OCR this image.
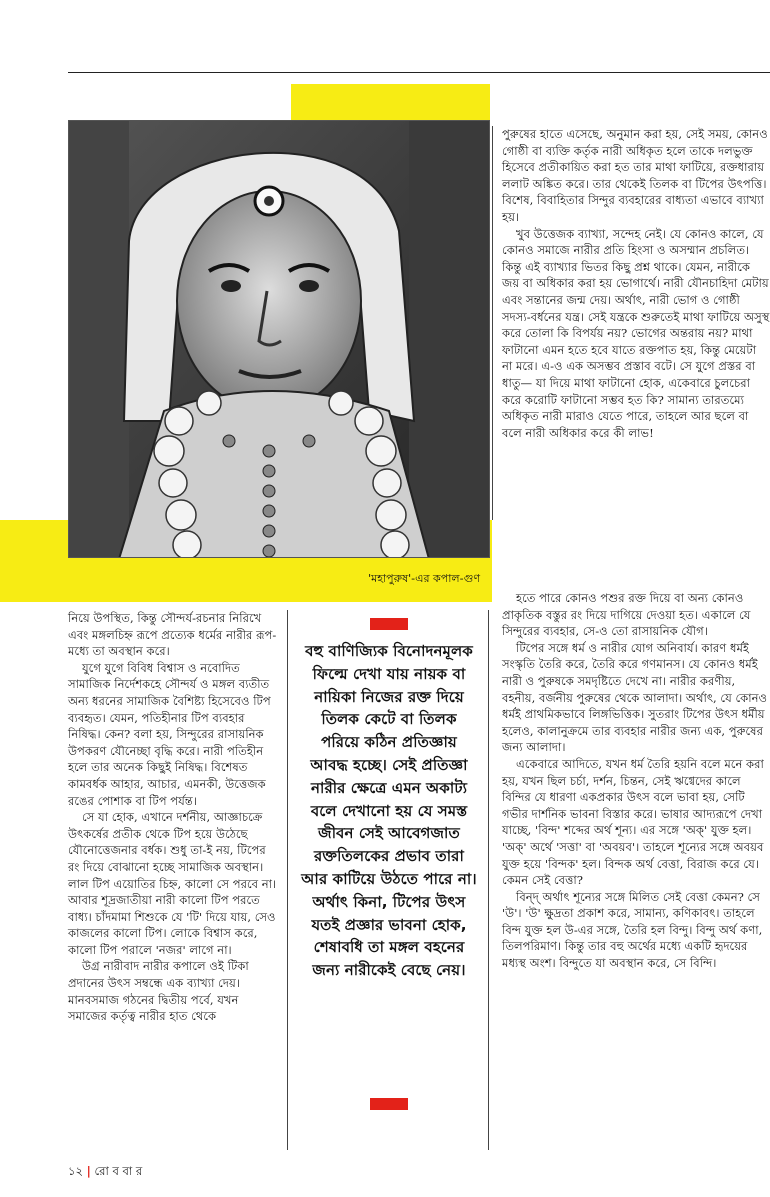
'মহাপুরুষ'-এর কপাল-গুণ

নিয়ে উপস্থিত, কিন্তু সৌন্দর্য-রচনার নিরিখে এবং মঙ্গলচিহ্ন রূপে প্রত্যেক ধর্মের নারীর রূপ-মধ্যে তা অবস্থান করে।

যুগে যুগে বিবিধ বিশ্বাস ও নবোদিত সামাজিক নির্দেশকহে সৌন্দর্য ও মঙ্গল ব্যতীত অন্য ধরনের সামাজিক বৈশিষ্ট্য হিসেবেও টিপ ব্যবহৃত। যেমন, পতিহীনার টিপ ব্যবহার নিষিদ্ধ। কেন? বলা হয়, সিন্দুরের রাসায়নিক উপকরণ যৌনেচ্ছা বৃদ্ধি করে। নারী পতিহীন হলে তার অনেক কিছুই নিষিদ্ধ। বিশেষত কামবর্ধক আহার, আচার, এমনকী, উত্তেজক রঙের পোশাক বা টিপ পর্যন্ত।

সে যা হোক, এখানে দর্শনীয়, আজ্ঞাচক্রে উৎকর্ষের প্রতীক থেকে টিপ হয়ে উঠেছে যৌনোত্তেজনার বর্ধক। শুধু তা-ই নয়, টিপের রং দিয়ে বোঝানো হচ্ছে সামাজিক অবস্থান। লাল টিপ এয়োতির চিহ্ন, কালো সে পরবে না। আবার শূদ্রজাতীয়া নারী কালো টিপ পরতে বাধ্য। চাঁদমামা শিশুকে যে 'টি' দিয়ে যায়, সেও কাজলের কালো টিপ। লোকে বিশ্বাস করে, কালো টিপ পরালে 'নজর' লাগে না।

উগ্র নারীবাদ নারীর কপালে ওই টিকা প্রদানের উৎস সম্বন্ধে এক ব্যাখ্যা দেয়। মানবসমাজ গঠনের দ্বিতীয় পর্বে, যখন সমাজের কর্তৃত্ব নারীর হাত থেকে

বহু বাণিজ্যিক বিনোদনমূলক ফিল্মে দেখা যায় নায়ক বা নায়িকা নিজের রক্ত দিয়ে তিলক কেটে বা তিলক পরিয়ে কঠিন প্রতিজ্ঞায় আবদ্ধ হচ্ছে। সেই প্রতিজ্ঞা নারীর ক্ষেত্রে এমন অকাট্য বলে দেখানো হয় যে সমস্ত জীবন সেই আবেগজাত রক্ততিলকের প্রভাব তারা আর কাটিয়ে উঠতে পারে না। অর্থাৎ কিনা, টিপের উৎস যতই প্রজ্ঞার ভাবনা হোক, শেষাবধি তা মঙ্গল বহনের জন্য নারীকেই বেছে নেয়।

পুরুষের হাতে এসেছে, অনুমান করা হয়, সেই সময়, কোনও গোষ্ঠী বা ব্যক্তি কর্তৃক নারী অধিকৃত হলে তাকে দলভুক্ত হিসেবে প্রতীকায়িত করা হত তার মাথা ফাটিয়ে, রক্তধারায় ললাট অঙ্কিত করে। তার থেকেই তিলক বা টিপের উৎপত্তি। বিশেষ, বিবাহিতার সিন্দুর ব্যবহারের বাধ্যতা এভাবে ব্যাখ্যা হয়।

খুব উত্তেজক ব্যাখ্যা, সন্দেহ নেই। যে কোনও কালে, যে কোনও সমাজে নারীর প্রতি হিংসা ও অসম্মান প্রচলিত। কিন্তু এই ব্যাখ্যার ভিতর কিছু প্রশ্ন থাকে। যেমন, নারীকে জয় বা অধিকার করা হয় ভোগার্থে। নারী যৌনচাহিদা মেটায় এবং সন্তানের জন্ম দেয়। অর্থাৎ, নারী ভোগ ও গোষ্ঠী সদস্য-বর্ধনের যন্ত্র। সেই যন্ত্রকে শুরুতেই মাথা ফাটিয়ে অসুস্থ করে তোলা কি বিপর্যয় নয়? ভোগের অন্তরায় নয়? মাথা ফাটানো এমন হতে হবে যাতে রক্তপাত হয়, কিন্তু মেয়েটা না মরে। এ-ও এক অসম্ভব প্রস্তাব বটে। সে যুগে প্রস্তর বা ধাতু— যা দিয়ে মাথা ফাটানো হোক, একেবারে চুলচেরা করে করোটি ফাটানো সম্ভব হত কি? সামান্য তারতম্যে অধিকৃত নারী মারাও যেতে পারে, তাহলে আর ছলে বা বলে নারী অধিকার করে কী লাভ!

হতে পারে কোনও পশুর রক্ত দিয়ে বা অন্য কোনও প্রাকৃতিক বস্তুর রং দিয়ে দাগিয়ে দেওয়া হত। একালে যে সিন্দুরের ব্যবহার, সে-ও তো রাসায়নিক যৌগ।

টিপের সঙ্গে ধর্ম ও নারীর যোগ অনিবার্য। কারণ ধর্মই সংস্কৃতি তৈরি করে, তৈরি করে গণমানস। যে কোনও ধর্মই নারী ও পুরুষকে সমদৃষ্টিতে দেখে না। নারীর করণীয়, বহনীয়, বর্জনীয় পুরুষের থেকে আলাদা। অর্থাৎ, যে কোনও ধর্মই প্রাথমিকভাবে লিঙ্গভিত্তিক। সুতরাং টিপের উৎস ধর্মীয় হলেও, কালানুক্রমে তার ব্যবহার নারীর জন্য এক, পুরুষের জন্য আলাদা।

একেবারে আদিতে, যখন ধর্ম তৈরি হয়নি বলে মনে করা হয়, যখন ছিল চর্চা, দর্শন, চিন্তন, সেই ঋগ্বেদের কালে বিন্দির যে ধারণা একপ্রকার উৎস বলে ভাবা হয়, সেটি গভীর দার্শনিক ভাবনা বিস্তার করে। ভাষার আদ্যরূপে দেখা যাচ্ছে, 'বিন্দ' শব্দের অর্থ শূন্য। এর সঙ্গে 'অক্' যুক্ত হল। 'অক্' অর্থে 'সত্তা' বা 'অবয়ব'। তাহলে শূন্যের সঙ্গে অবয়ব যুক্ত হয়ে 'বিন্দক' হল। বিন্দক অর্থ বেত্তা, বিরাজ করে যে। কেমন সেই বেত্তা?

বিন্দ্ অর্থাৎ শূন্যের সঙ্গে মিলিত সেই বেত্তা কেমন? সে 'উ'। 'উ' ক্ষুদ্রতা প্রকাশ করে, সামান্য, কণিকাবৎ। তাহলে বিন্দ যুক্ত হল উ-এর সঙ্গে, তৈরি হল বিন্দু। বিন্দু অর্থ কণা, তিলপরিমাণ। কিন্তু তার বহু অর্থের মধ্যে একটি হৃদয়ের মধ্যস্থ অংশ। বিন্দুতে যা অবস্থান করে, সে বিন্দি।

১২ | রো ব বা র
